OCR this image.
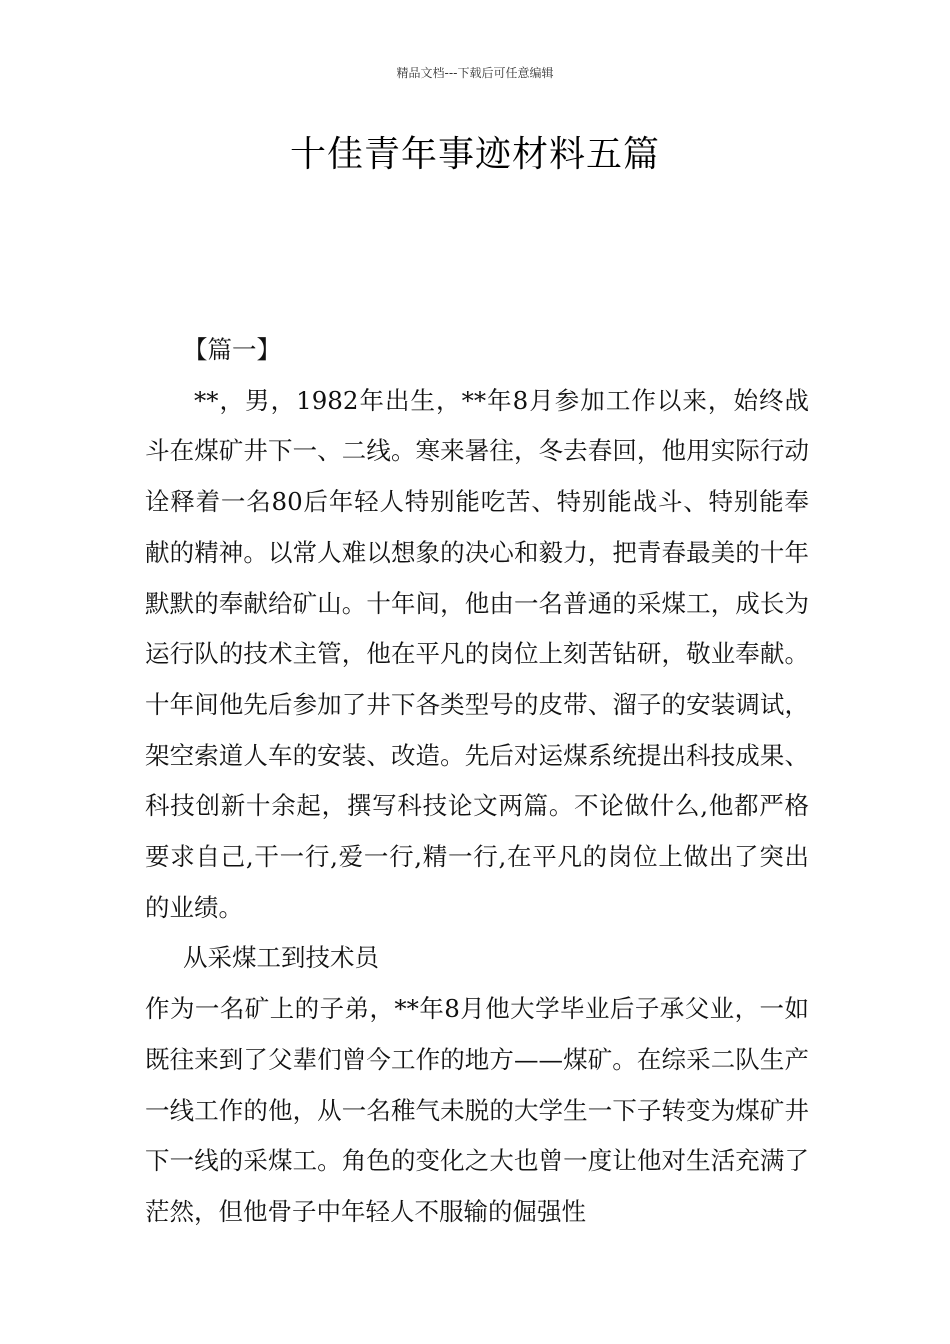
精品文档---下载后可任意编辑
十佳青年事迹材料五篇

【篇一】

**，男，1982年出生，**年8月参加工作以来，始终战斗在煤矿井下一、二线。寒来暑往，冬去春回，他用实际行动诠释着一名80后年轻人特别能吃苦、特别能战斗、特别能奉献的精神。以常人难以想象的决心和毅力，把青春最美的十年默默的奉献给矿山。十年间，他由一名普通的采煤工，成长为运行队的技术主管，他在平凡的岗位上刻苦钻研，敬业奉献。十年间他先后参加了井下各类型号的皮带、溜子的安装调试，架空索道人车的安装、改造。先后对运煤系统提出科技成果、科技创新十余起，撰写科技论文两篇。不论做什么,他都严格要求自己,干一行,爱一行,精一行,在平凡的岗位上做出了突出的业绩。

从采煤工到技术员

作为一名矿上的子弟，**年8月他大学毕业后子承父业，一如既往来到了父辈们曾今工作的地方——煤矿。在综采二队生产一线工作的他，从一名稚气未脱的大学生一下子转变为煤矿井下一线的采煤工。角色的变化之大也曾一度让他对生活充满了茫然，但他骨子中年轻人不服输的倔强性
